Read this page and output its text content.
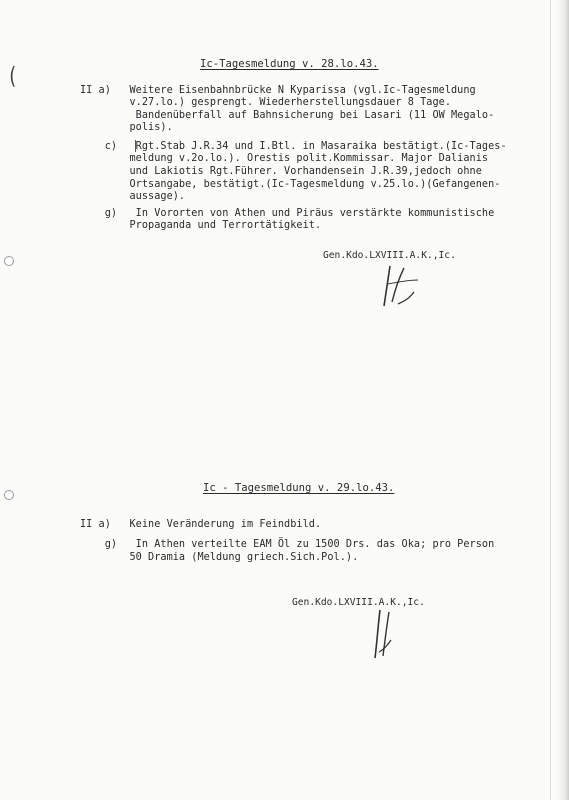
(	Ic-Tagesmeldung v. 28.lo.43.
II a)   Weitere Eisenbahnbrücke N Kyparissa (vgl.Ic-Tagesmeldung
v.27.lo.) gesprengt. Wiederherstellungsdauer 8 Tage.
Bandenüberfall auf Bahnsicherung bei Lasari (11 OW Megalo-
polis).
c)   Rgt.Stab J.R.34 und I.Btl. in Masaraika bestätigt.(Ic-Tages-
meldung v.2o.lo.). Orestis polit.Kommissar. Major Dalianis
und Lakiotis Rgt.Führer. Vorhandensein J.R.39,jedoch ohne
Ortsangabe, bestätigt.(Ic-Tagesmeldung v.25.lo.)(Gefangenen-
aussage).
g)   In Vororten von Athen und Piräus verstärkte kommunistische
Propaganda und Terrortätigkeit.
Gen.Kdo.LXVIII.A.K.,Ic.
Ic - Tagesmeldung v. 29.lo.43.
II a)   Keine Veränderung im Feindbild.
g)   In Athen verteilte EAM Öl zu 1500 Drs. das Oka; pro Person
50 Dramia (Meldung griech.Sich.Pol.).
Gen.Kdo.LXVIII.A.K.,Ic.
